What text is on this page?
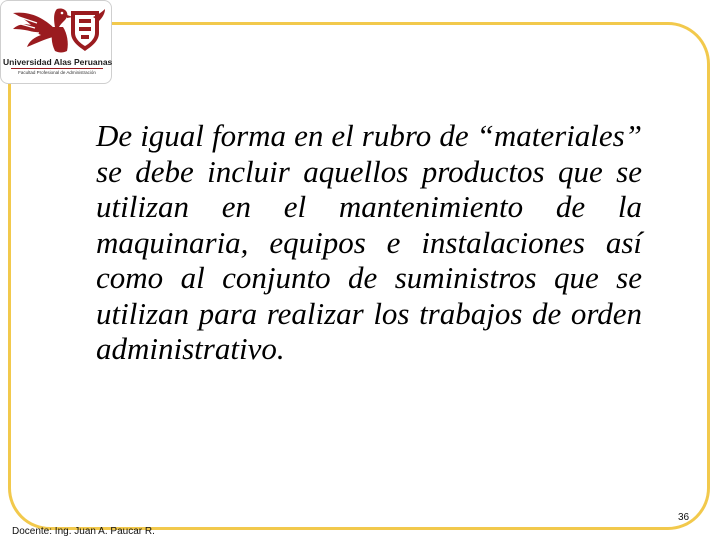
Universidad Alas Peruanas
Facultad Profesional de Administración

De igual forma en el rubro de “materiales” se debe incluir aquellos productos que se utilizan en el mantenimiento de la maquinaria, equipos e instalaciones así como al conjunto de suministros que se utilizan para realizar los trabajos de orden administrativo.

Docente: Ing. Juan A. Paucar R.
36
